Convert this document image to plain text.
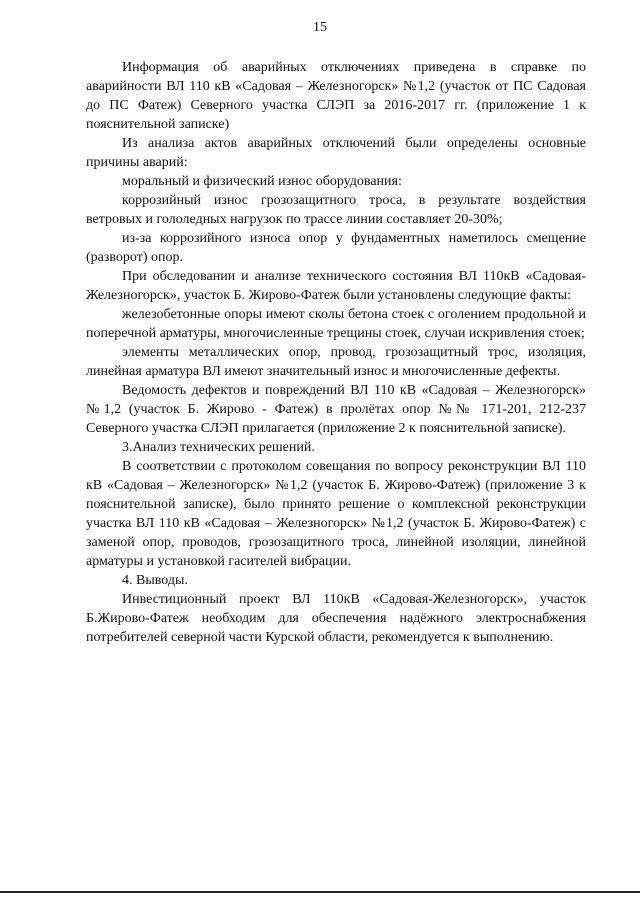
15

Информация об аварийных отключениях приведена в справке по аварийности ВЛ 110 кВ «Садовая – Железногорск» №1,2 (участок от ПС Садовая до ПС Фатеж) Северного участка СЛЭП за 2016-2017 гг. (приложение 1 к пояснительной записке)

Из анализа актов аварийных отключений были определены основные причины аварий:

моральный и физический износ оборудования:

коррозийный износ грозозащитного троса, в результате воздействия ветровых и гололедных нагрузок по трассе линии составляет 20-30%;

из-за коррозийного износа опор у фундаментных наметилось смещение (разворот) опор.

При обследовании и анализе технического состояния ВЛ 110кВ «Садовая-Железногорск», участок Б. Жирово-Фатеж были установлены следующие факты:

железобетонные опоры имеют сколы бетона стоек с оголением продольной и поперечной арматуры, многочисленные трещины стоек, случаи искривления стоек;

элементы металлических опор, провод, грозозащитный трос, изоляция, линейная арматура ВЛ имеют значительный износ и многочисленные дефекты.

Ведомость дефектов и повреждений ВЛ 110 кВ «Садовая – Железногорск» №1,2 (участок Б. Жирово - Фатеж) в пролётах опор №№ 171-201, 212-237 Северного участка СЛЭП прилагается (приложение 2 к пояснительной записке).

3.Анализ технических решений.

В соответствии с протоколом совещания по вопросу реконструкции ВЛ 110 кВ «Садовая – Железногорск» №1,2 (участок Б. Жирово-Фатеж) (приложение 3 к пояснительной записке), было принято решение о комплексной реконструкции участка ВЛ 110 кВ «Садовая – Железногорск» №1,2 (участок Б. Жирово-Фатеж) с заменой опор, проводов, грозозащитного троса, линейной изоляции, линейной арматуры и установкой гасителей вибрации.

4. Выводы.

Инвестиционный проект ВЛ 110кВ «Садовая-Железногорск», участок Б.Жирово-Фатеж необходим для обеспечения надёжного электроснабжения потребителей северной части Курской области, рекомендуется к выполнению.
